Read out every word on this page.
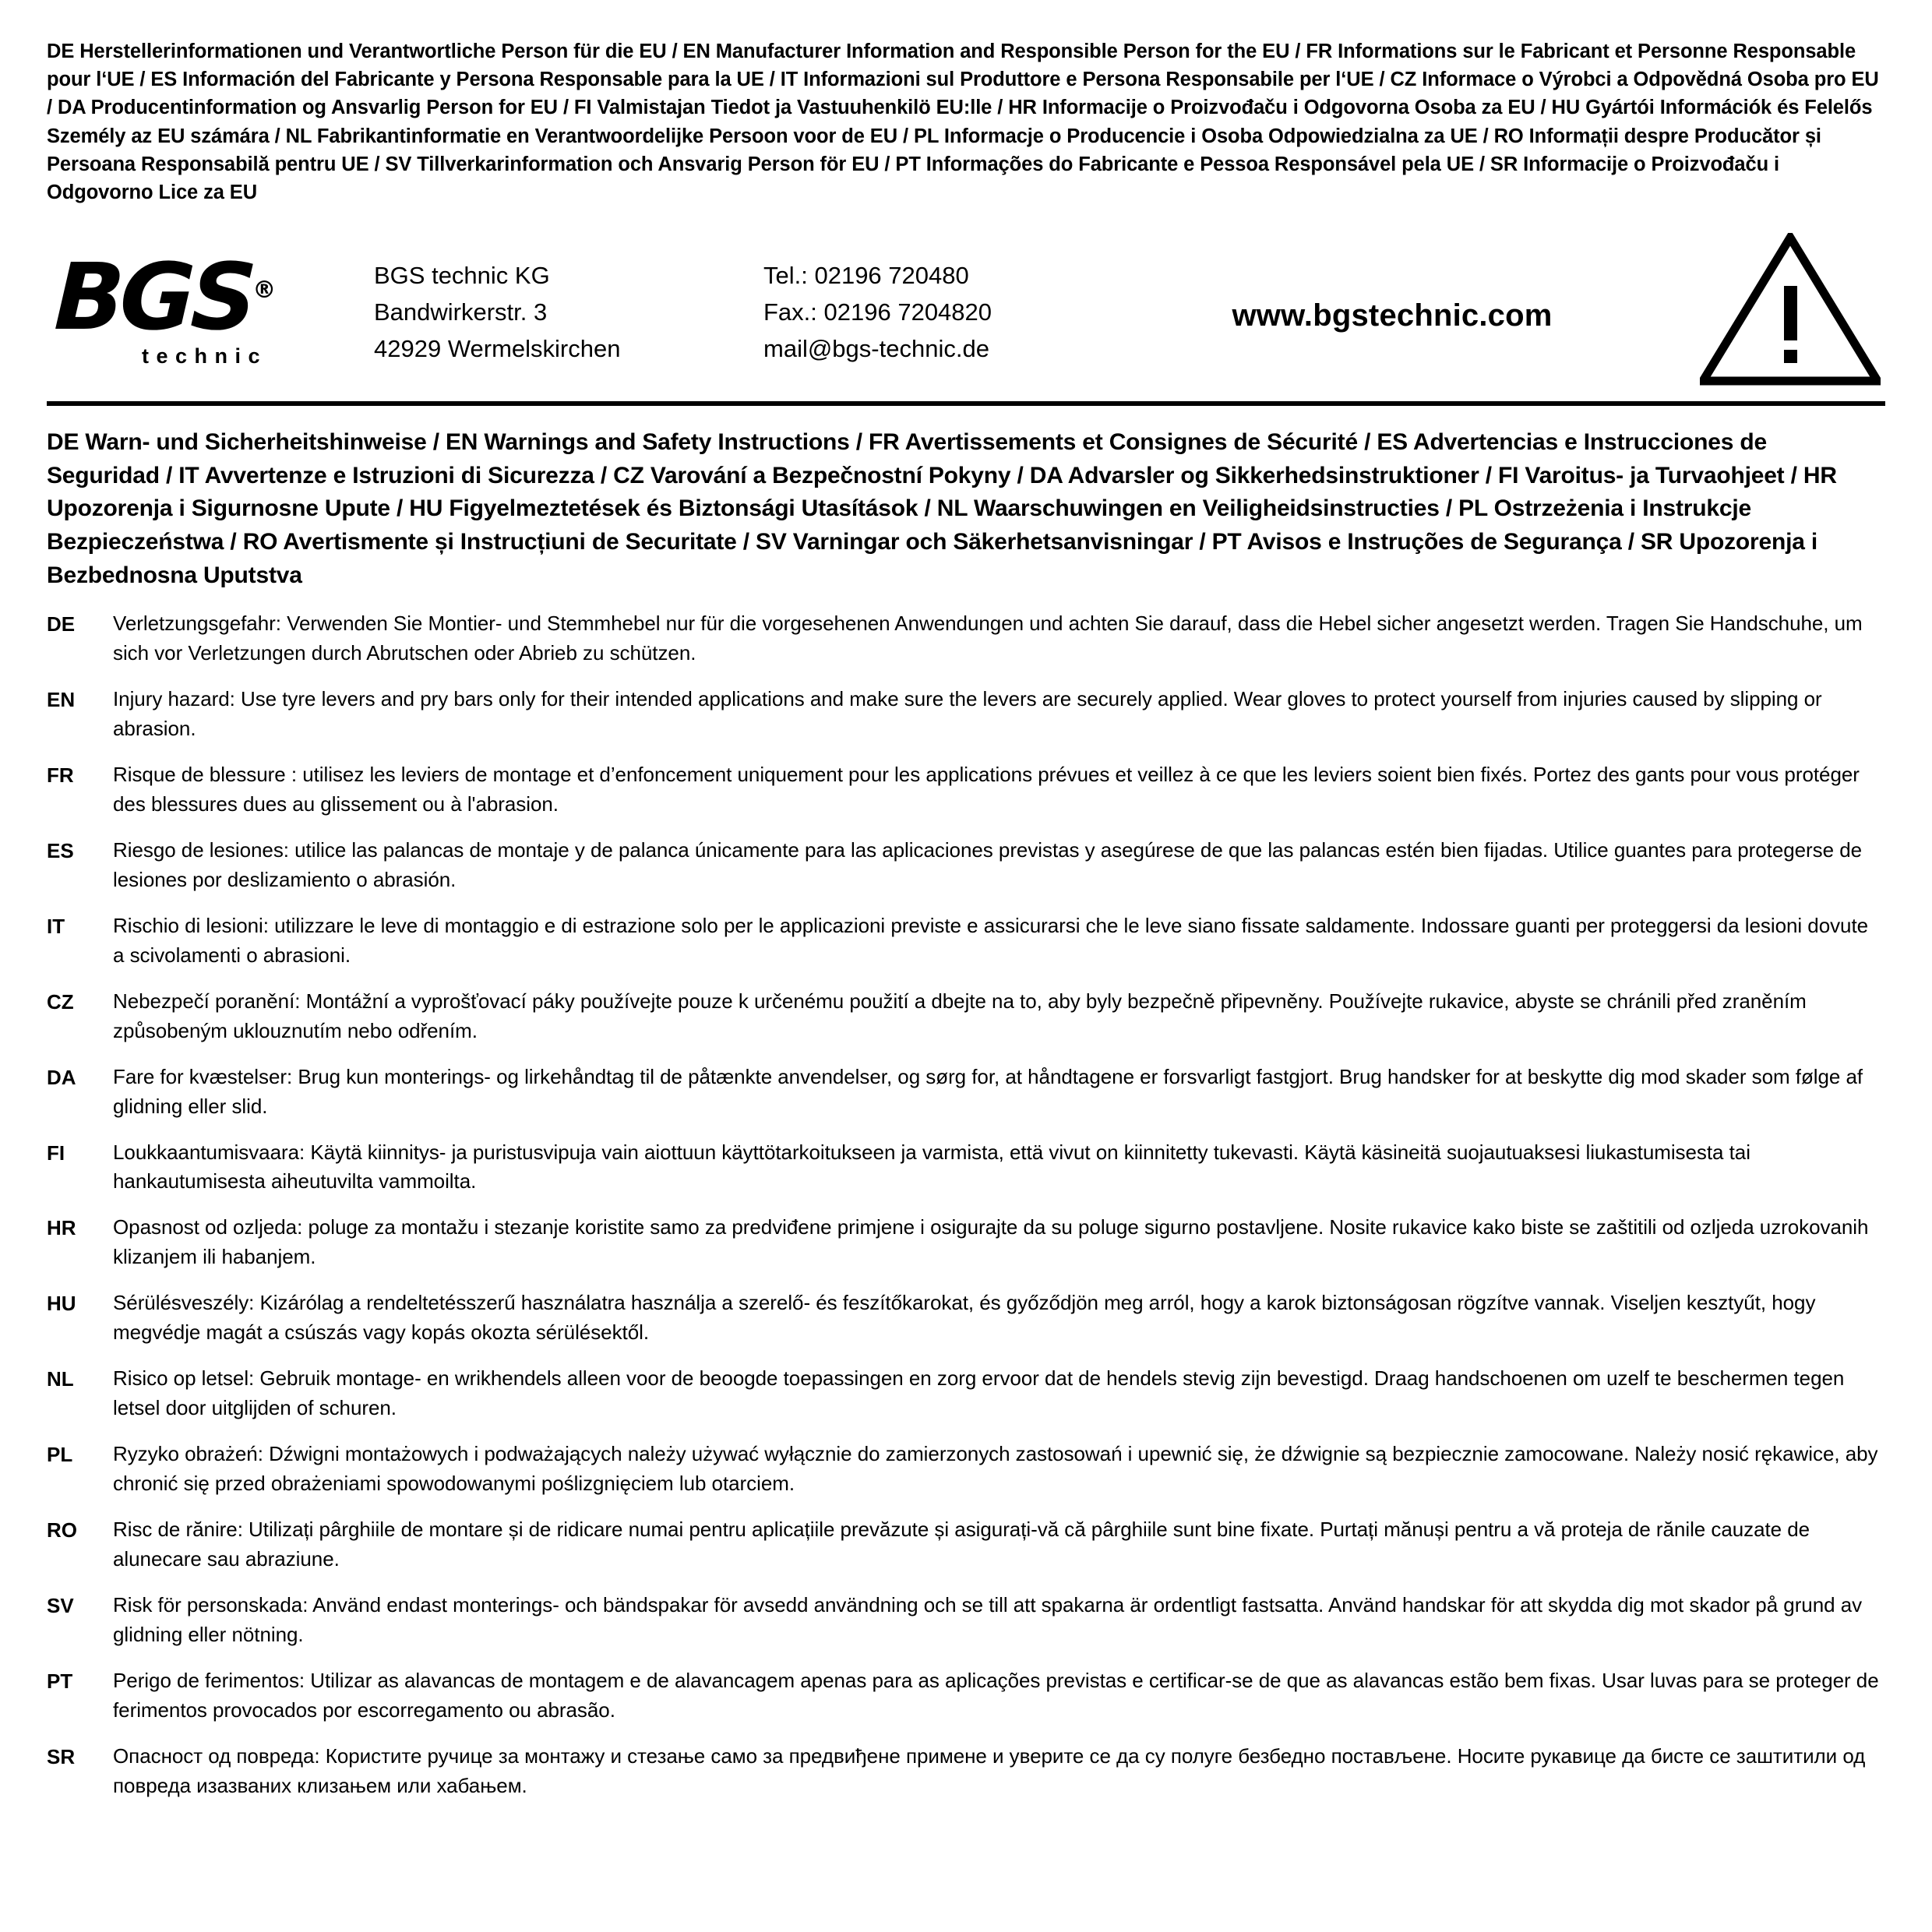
DE Herstellerinformationen und Verantwortliche Person für die EU / EN Manufacturer Information and Responsible Person for the EU / FR Informations sur le Fabricant et Personne Responsable pour l‘UE / ES Información del Fabricante y Persona Responsable para la UE / IT Informazioni sul Produttore e Persona Responsabile per l‘UE / CZ Informace o Výrobci a Odpovědná Osoba pro EU / DA Producentinformation og Ansvarlig Person for EU / FI Valmistajan Tiedot ja Vastuuhenkilö EU:lle / HR Informacije o Proizvođaču i Odgovorna Osoba za EU / HU Gyártói Információk és Felelős Személy az EU számára / NL Fabrikantinformatie en Verantwoordelijke Persoon voor de EU / PL Informacje o Producencie i Osoba Odpowiedzialna za UE / RO Informații despre Producător și Persoana Responsabilă pentru UE / SV Tillverkarinformation och Ansvarig Person för EU / PT Informações do Fabricante e Pessoa Responsável pela UE / SR Informacije o Proizvođaču i Odgovorno Lice za EU
BGS®
technic
BGS technic KG
Bandwirkerstr. 3
42929 Wermelskirchen
Tel.: 02196 720480
Fax.: 02196 7204820
mail@bgs-technic.de
www.bgstechnic.com
DE Warn- und Sicherheitshinweise / EN Warnings and Safety Instructions / FR Avertissements et Consignes de Sécurité / ES Advertencias e Instrucciones de Seguridad / IT Avvertenze e Istruzioni di Sicurezza / CZ Varování a Bezpečnostní Pokyny / DA Advarsler og Sikkerhedsinstruktioner / FI Varoitus- ja Turvaohjeet / HR Upozorenja i Sigurnosne Upute / HU Figyelmeztetések és Biztonsági Utasítások / NL Waarschuwingen en Veiligheidsinstructies / PL Ostrzeżenia i Instrukcje Bezpieczeństwa / RO Avertismente și Instrucțiuni de Securitate / SV Varningar och Säkerhetsanvisningar / PT Avisos e Instruções de Segurança / SR Upozorenja i Bezbednosna Uputstva
DE	Verletzungsgefahr: Verwenden Sie Montier- und Stemmhebel nur für die vorgesehenen Anwendungen und achten Sie darauf, dass die Hebel sicher angesetzt werden. Tragen Sie Handschuhe, um sich vor Verletzungen durch Abrutschen oder Abrieb zu schützen.
EN	Injury hazard: Use tyre levers and pry bars only for their intended applications and make sure the levers are securely applied. Wear gloves to protect yourself from injuries caused by slipping or abrasion.
FR	Risque de blessure : utilisez les leviers de montage et d’enfoncement uniquement pour les applications prévues et veillez à ce que les leviers soient bien fixés. Portez des gants pour vous protéger des blessures dues au glissement ou à l'abrasion.
ES	Riesgo de lesiones: utilice las palancas de montaje y de palanca únicamente para las aplicaciones previstas y asegúrese de que las palancas estén bien fijadas. Utilice guantes para protegerse de lesiones por deslizamiento o abrasión.
IT	Rischio di lesioni: utilizzare le leve di montaggio e di estrazione solo per le applicazioni previste e assicurarsi che le leve siano fissate saldamente. Indossare guanti per proteggersi da lesioni dovute a scivolamenti o abrasioni.
CZ	Nebezpečí poranění: Montážní a vyprošťovací páky používejte pouze k určenému použití a dbejte na to, aby byly bezpečně připevněny. Používejte rukavice, abyste se chránili před zraněním způsobeným uklouznutím nebo odřením.
DA	Fare for kvæstelser: Brug kun monterings- og lirkehåndtag til de påtænkte anvendelser, og sørg for, at håndtagene er forsvarligt fastgjort. Brug handsker for at beskytte dig mod skader som følge af glidning eller slid.
FI	Loukkaantumisvaara: Käytä kiinnitys- ja puristusvipuja vain aiottuun käyttötarkoitukseen ja varmista, että vivut on kiinnitetty tukevasti. Käytä käsineitä suojautuaksesi liukastumisesta tai hankautumisesta aiheutuvilta vammoilta.
HR	Opasnost od ozljeda: poluge za montažu i stezanje koristite samo za predviđene primjene i osigurajte da su poluge sigurno postavljene. Nosite rukavice kako biste se zaštitili od ozljeda uzrokovanih klizanjem ili habanjem.
HU	Sérülésveszély: Kizárólag a rendeltetésszerű használatra használja a szerelő- és feszítőkarokat, és győződjön meg arról, hogy a karok biztonságosan rögzítve vannak. Viseljen kesztyűt, hogy megvédje magát a csúszás vagy kopás okozta sérülésektől.
NL	Risico op letsel: Gebruik montage- en wrikhendels alleen voor de beoogde toepassingen en zorg ervoor dat de hendels stevig zijn bevestigd. Draag handschoenen om uzelf te beschermen tegen letsel door uitglijden of schuren.
PL	Ryzyko obrażeń: Dźwigni montażowych i podważających należy używać wyłącznie do zamierzonych zastosowań i upewnić się, że dźwignie są bezpiecznie zamocowane. Należy nosić rękawice, aby chronić się przed obrażeniami spowodowanymi poślizgnięciem lub otarciem.
RO	Risc de rănire: Utilizați pârghiile de montare și de ridicare numai pentru aplicațiile prevăzute și asigurați-vă că pârghiile sunt bine fixate. Purtați mănuși pentru a vă proteja de rănile cauzate de alunecare sau abraziune.
SV	Risk för personskada: Använd endast monterings- och bändspakar för avsedd användning och se till att spakarna är ordentligt fastsatta. Använd handskar för att skydda dig mot skador på grund av glidning eller nötning.
PT	Perigo de ferimentos: Utilizar as alavancas de montagem e de alavancagem apenas para as aplicações previstas e certificar-se de que as alavancas estão bem fixas. Usar luvas para se proteger de ferimentos provocados por escorregamento ou abrasão.
SR	Опасност од повреда: Користите ручице за монтажу и стезање само за предвиђене примене и уверите се да су полуге безбедно постављене. Носите рукавице да бисте се заштитили од повреда изазваних клизањем или хабањем.
